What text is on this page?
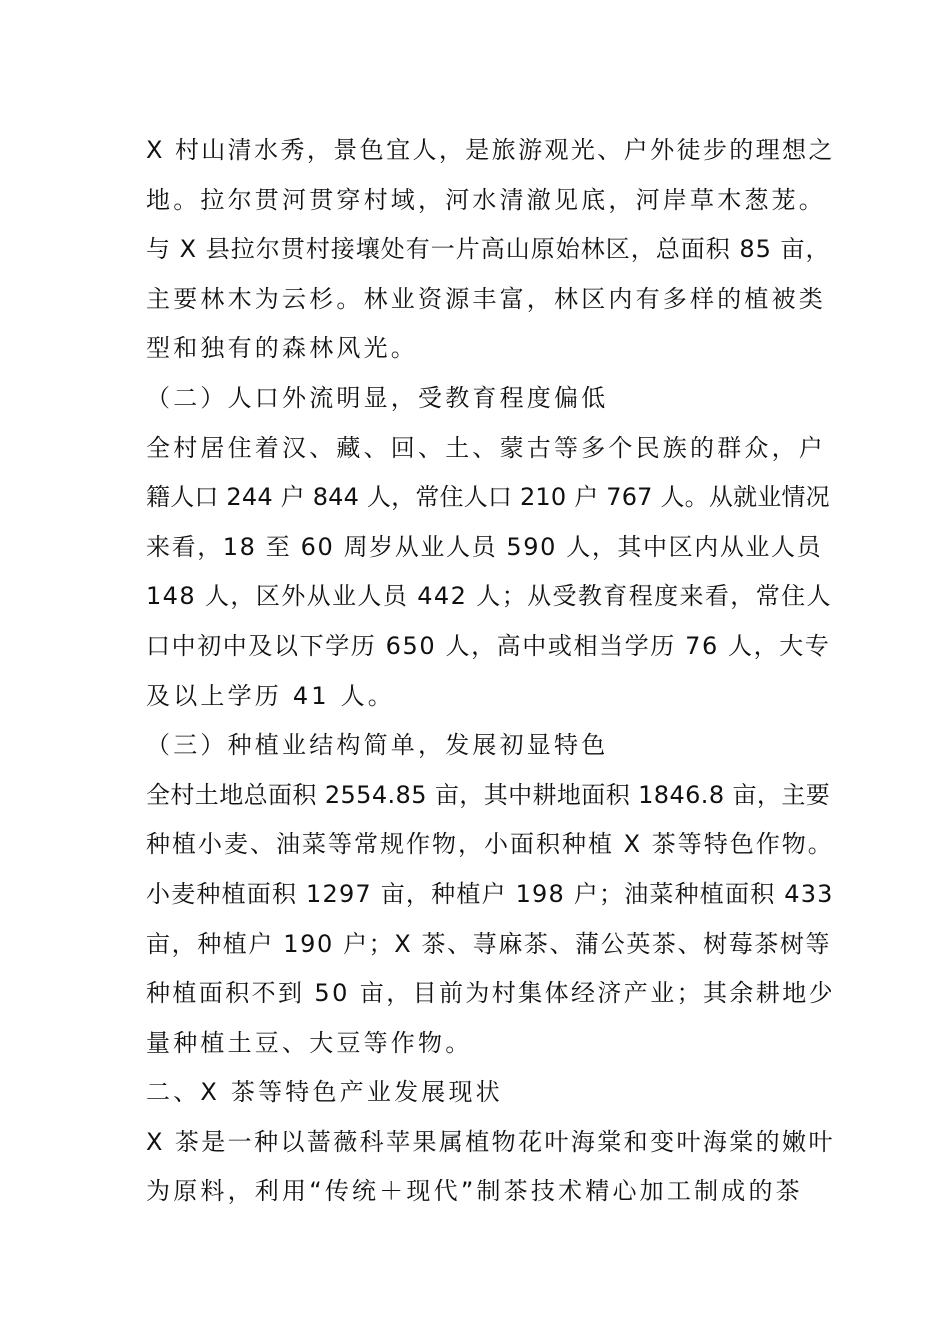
X 村山清水秀，景色宜人，是旅游观光、户外徒步的理想之
地。拉尔贯河贯穿村域，河水清澈见底，河岸草木葱茏。
与 X 县拉尔贯村接壤处有一片高山原始林区，总面积 85 亩，
主要林木为云杉。林业资源丰富，林区内有多样的植被类
型和独有的森林风光。
（二）人口外流明显，受教育程度偏低
全村居住着汉、藏、回、土、蒙古等多个民族的群众，户
籍人口 244 户 844 人，常住人口 210 户 767 人。从就业情况
来看，18 至 60 周岁从业人员 590 人，其中区内从业人员
148 人，区外从业人员 442 人；从受教育程度来看，常住人
口中初中及以下学历 650 人，高中或相当学历 76 人，大专
及以上学历 41 人。
（三）种植业结构简单，发展初显特色
全村土地总面积 2554.85 亩，其中耕地面积 1846.8 亩，主要
种植小麦、油菜等常规作物，小面积种植 X 茶等特色作物。
小麦种植面积 1297 亩，种植户 198 户；油菜种植面积 433
亩，种植户 190 户；X 茶、荨麻茶、蒲公英茶、树莓茶树等
种植面积不到 50 亩，目前为村集体经济产业；其余耕地少
量种植土豆、大豆等作物。
二、X 茶等特色产业发展现状
X 茶是一种以蔷薇科苹果属植物花叶海棠和变叶海棠的嫩叶
为原料，利用“传统＋现代”制茶技术精心加工制成的茶
